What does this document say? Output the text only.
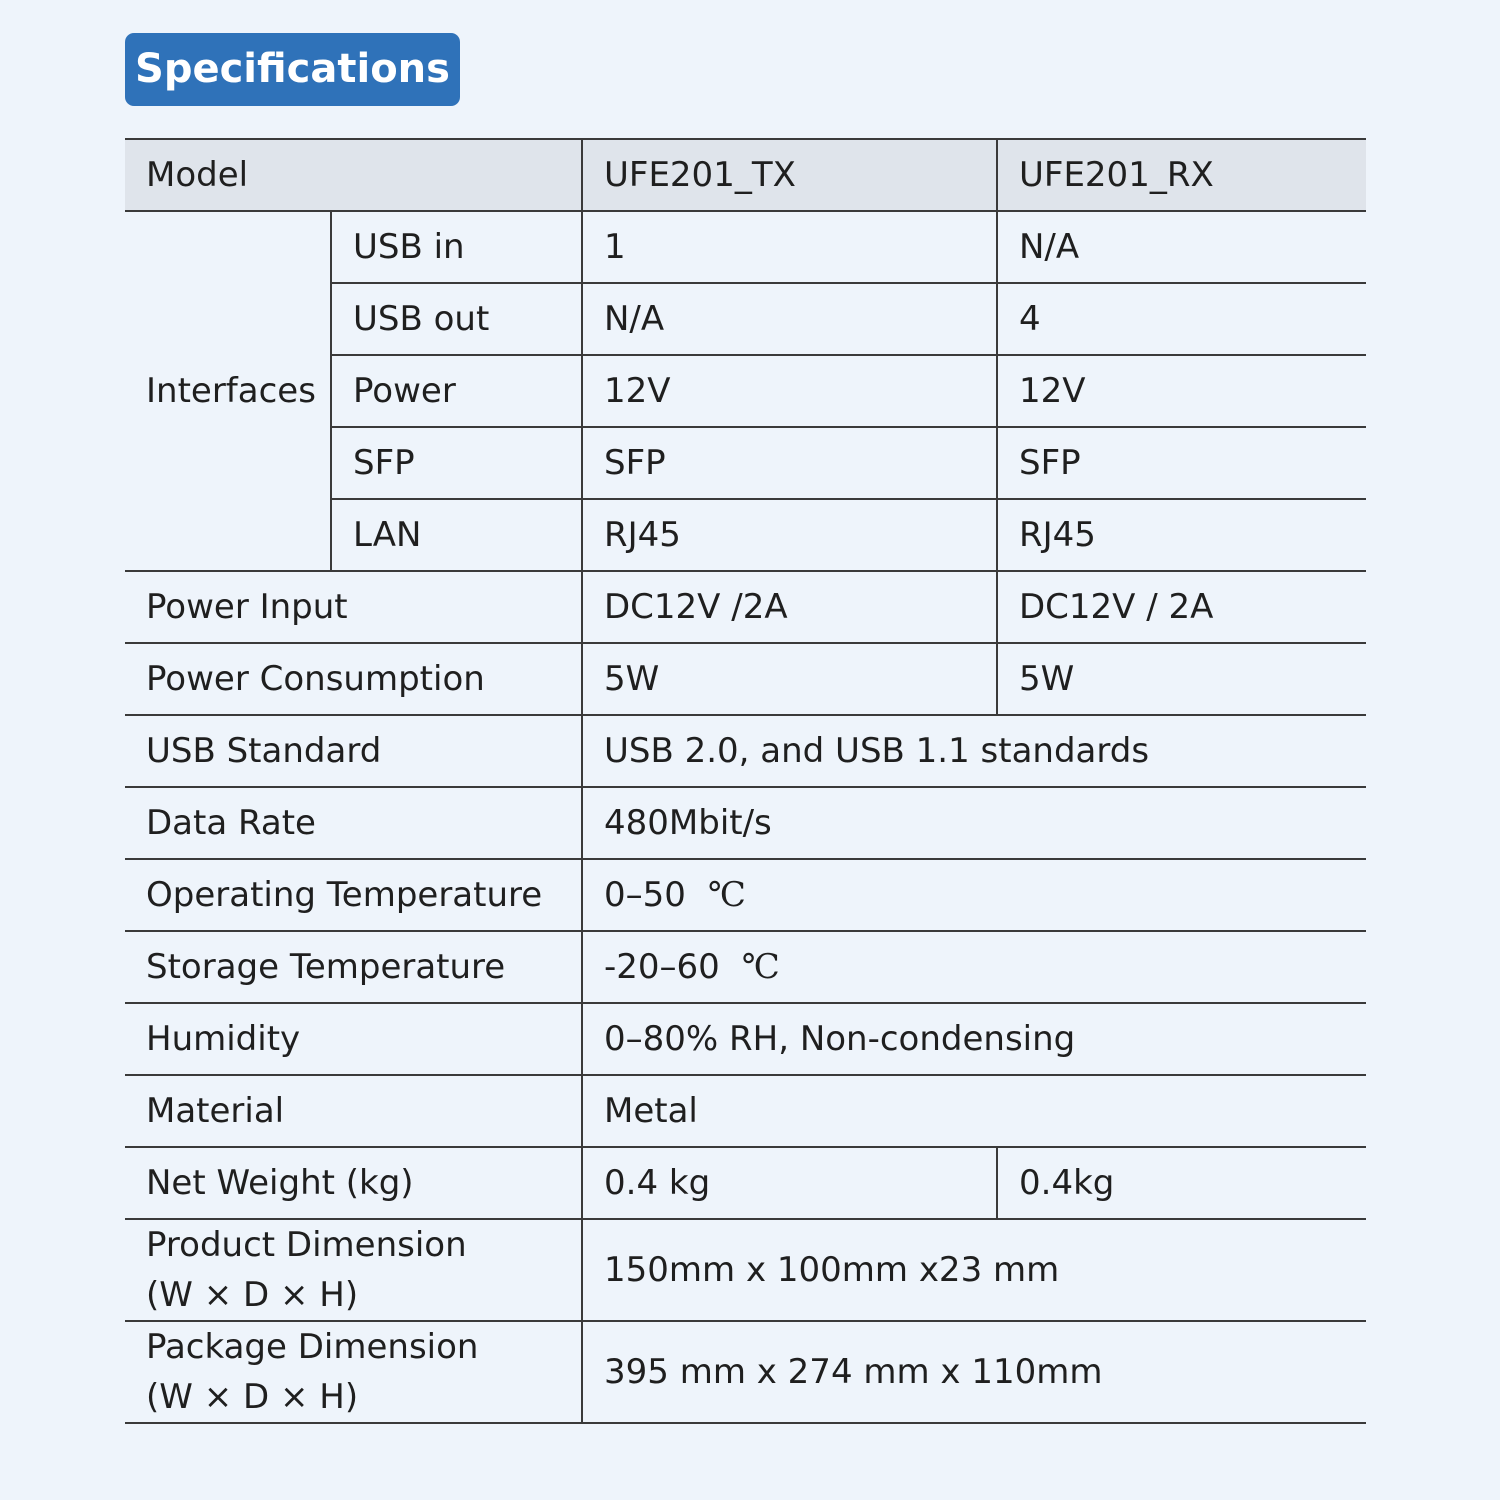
Specifications
Model		UFE201_TX	UFE201_RX
Interfaces	USB in	1	N/A
	USB out	N/A	4
	Power	12V	12V
	SFP	SFP	SFP
	LAN	RJ45	RJ45
Power Input		DC12V /2A	DC12V / 2A
Power Consumption		5W	5W
USB Standard		USB 2.0, and USB 1.1 standards	
Data Rate		480Mbit/s	
Operating Temperature		0–50 ℃	
Storage Temperature		-20–60 ℃	
Humidity		0–80% RH, Non-condensing	
Material		Metal	
Net Weight (kg)		0.4 kg	0.4kg

Product Dimension
(W × D × H)		150mm x 100mm x23 mm	

Package Dimension
(W × D × H)		395 mm x 274 mm x 110mm	
